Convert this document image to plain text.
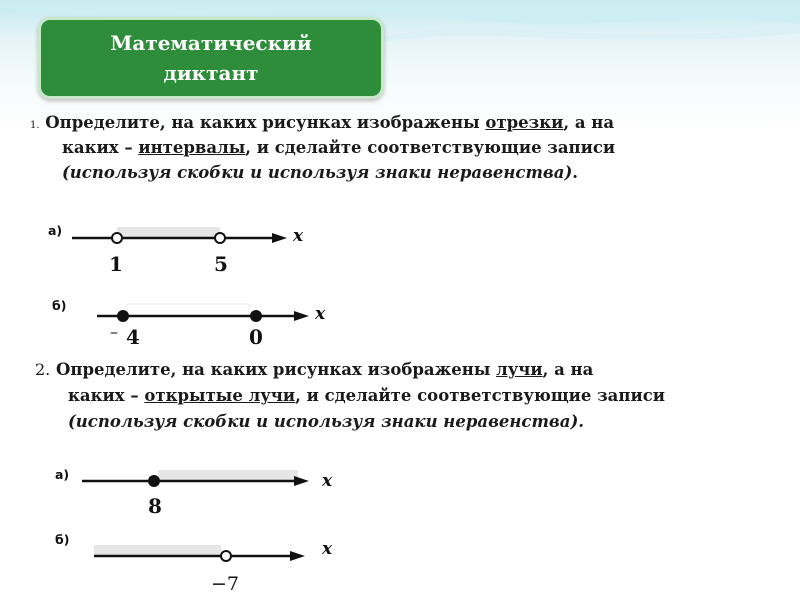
Математический
диктант
1. Определите, на каких рисунках изображены отрезки, а на
каких – интервалы, и сделайте соответствующие записи
(используя скобки и используя знаки неравенства).
а)
б)
а)
б)
1	5
x
– 4	0
x
2. Определите, на каких рисунках изображены лучи, а на
каких – открытые лучи, и сделайте соответствующие записи
(используя скобки и используя знаки неравенства).
8
x
−7
x
